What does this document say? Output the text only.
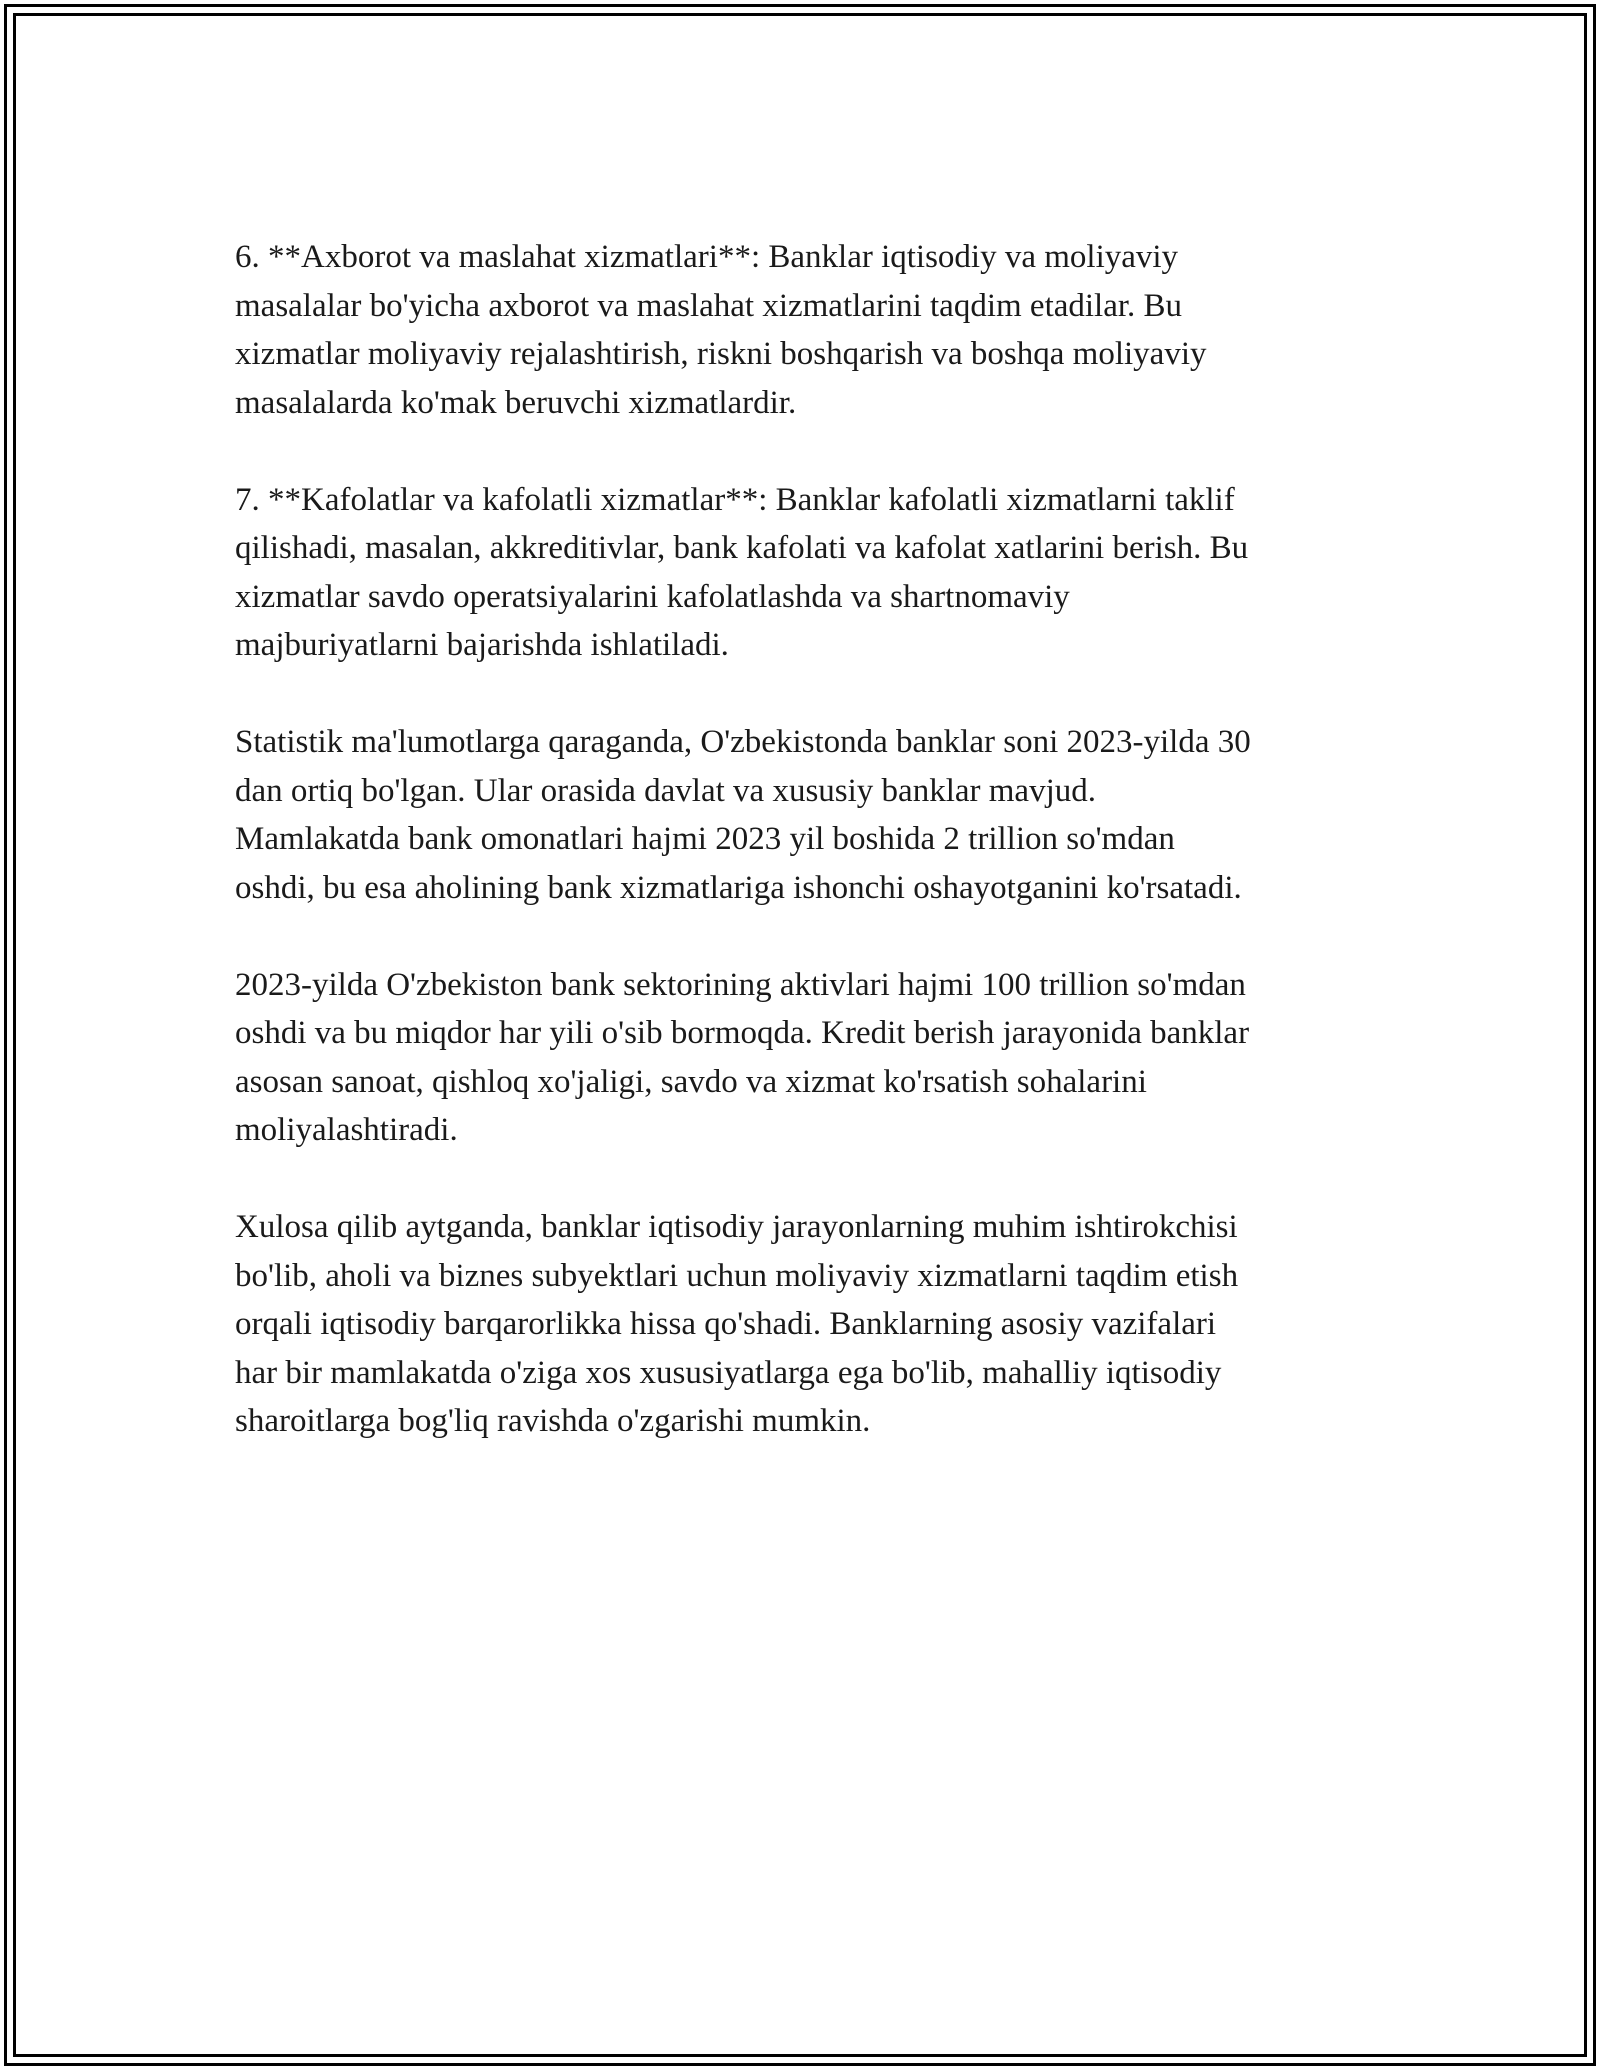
6. **Axborot va maslahat xizmatlari**: Banklar iqtisodiy va moliyaviy
masalalar bo'yicha axborot va maslahat xizmatlarini taqdim etadilar. Bu
xizmatlar moliyaviy rejalashtirish, riskni boshqarish va boshqa moliyaviy
masalalarda ko'mak beruvchi xizmatlardir.

7. **Kafolatlar va kafolatli xizmatlar**: Banklar kafolatli xizmatlarni taklif
qilishadi, masalan, akkreditivlar, bank kafolati va kafolat xatlarini berish. Bu
xizmatlar savdo operatsiyalarini kafolatlashda va shartnomaviy
majburiyatlarni bajarishda ishlatiladi.

Statistik ma'lumotlarga qaraganda, O'zbekistonda banklar soni 2023-yilda 30
dan ortiq bo'lgan. Ular orasida davlat va xususiy banklar mavjud.
Mamlakatda bank omonatlari hajmi 2023 yil boshida 2 trillion so'mdan
oshdi, bu esa aholining bank xizmatlariga ishonchi oshayotganini ko'rsatadi.

2023-yilda O'zbekiston bank sektorining aktivlari hajmi 100 trillion so'mdan
oshdi va bu miqdor har yili o'sib bormoqda. Kredit berish jarayonida banklar
asosan sanoat, qishloq xo'jaligi, savdo va xizmat ko'rsatish sohalarini
moliyalashtiradi.

Xulosa qilib aytganda, banklar iqtisodiy jarayonlarning muhim ishtirokchisi
bo'lib, aholi va biznes subyektlari uchun moliyaviy xizmatlarni taqdim etish
orqali iqtisodiy barqarorlikka hissa qo'shadi. Banklarning asosiy vazifalari
har bir mamlakatda o'ziga xos xususiyatlarga ega bo'lib, mahalliy iqtisodiy
sharoitlarga bog'liq ravishda o'zgarishi mumkin.
